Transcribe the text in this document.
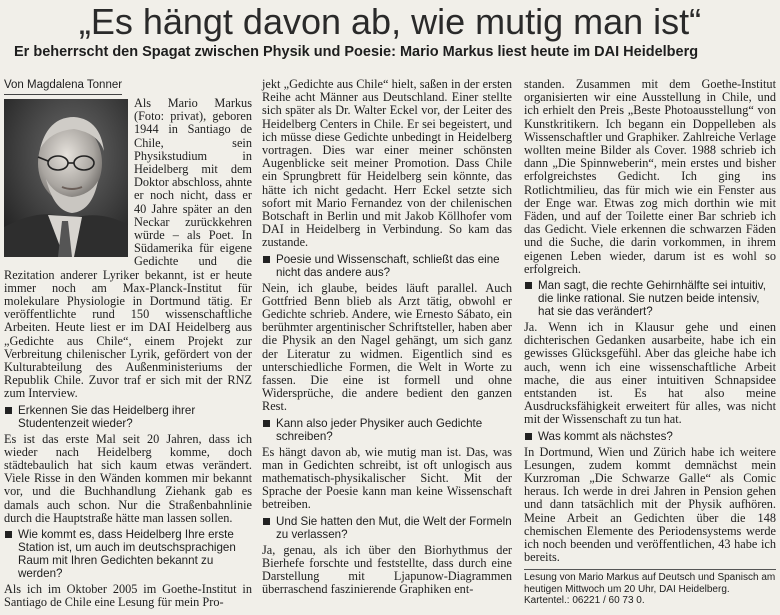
„Es hängt davon ab, wie mutig man ist“
Er beherrscht den Spagat zwischen Physik und Poesie: Mario Markus liest heute im DAI Heidelberg
Von Magdalena Tonner

Als Mario Markus (Foto: privat), geboren 1944 in Santiago de Chile, sein Physikstudium in Heidelberg mit dem Doktor abschloss, ahnte er noch nicht, dass er 40 Jahre später an den Neckar zurückkehren würde – als Poet. In Südamerika für eigene Gedichte und die Rezitation anderer Lyriker bekannt, ist er heute immer noch am Max-Planck-Institut für molekulare Physiologie in Dortmund tätig. Er veröffentlichte rund 150 wissenschaftliche Arbeiten. Heute liest er im DAI Heidelberg aus „Gedichte aus Chile“, einem Projekt zur Verbreitung chilenischer Lyrik, gefördert von der Kulturabteilung des Außenministeriums der Republik Chile. Zuvor traf er sich mit der RNZ zum Interview.

Erkennen Sie das Heidelberg ihrer Studentenzeit wieder?

Es ist das erste Mal seit 20 Jahren, dass ich wieder nach Heidelberg komme, doch städtebaulich hat sich kaum etwas verändert. Viele Risse in den Wänden kommen mir bekannt vor, und die Buchhandlung Ziehank gab es damals auch schon. Nur die Straßenbahnlinie durch die Hauptstraße hätte man lassen sollen.

Wie kommt es, dass Heidelberg Ihre erste Station ist, um auch im deutschsprachigen Raum mit Ihren Gedichten bekannt zu werden?

Als ich im Oktober 2005 im Goethe-Institut in Santiago de Chile eine Lesung für mein Pro-

jekt „Gedichte aus Chile“ hielt, saßen in der ersten Reihe acht Männer aus Deutschland. Einer stellte sich später als Dr. Walter Eckel vor, der Leiter des Heidelberg Centers in Chile. Er sei begeistert, und ich müsse diese Gedichte unbedingt in Heidelberg vortragen. Dies war einer meiner schönsten Augenblicke seit meiner Promotion. Dass Chile ein Sprungbrett für Heidelberg sein könnte, das hätte ich nicht gedacht. Herr Eckel setzte sich sofort mit Mario Fernandez von der chilenischen Botschaft in Berlin und mit Jakob Köllhofer vom DAI in Heidelberg in Verbindung. So kam das zustande.

Poesie und Wissenschaft, schließt das eine nicht das andere aus?

Nein, ich glaube, beides läuft parallel. Auch Gottfried Benn blieb als Arzt tätig, obwohl er Gedichte schrieb. Andere, wie Ernesto Sábato, ein berühmter argentinischer Schriftsteller, haben aber die Physik an den Nagel gehängt, um sich ganz der Literatur zu widmen. Eigentlich sind es unterschiedliche Formen, die Welt in Worte zu fassen. Die eine ist formell und ohne Widersprüche, die andere bedient den ganzen Rest.

Kann also jeder Physiker auch Gedichte schreiben?

Es hängt davon ab, wie mutig man ist. Das, was man in Gedichten schreibt, ist oft unlogisch aus mathematisch-physikalischer Sicht. Mit der Sprache der Poesie kann man keine Wissenschaft betreiben.

Und Sie hatten den Mut, die Welt der Formeln zu verlassen?

Ja, genau, als ich über den Biorhythmus der Bierhefe forschte und feststellte, dass durch eine Darstellung mit Ljapunow-Diagrammen überraschend faszinierende Graphiken ent-

standen. Zusammen mit dem Goethe-Institut organisierten wir eine Ausstellung in Chile, und ich erhielt den Preis „Beste Photoausstellung“ von Kunstkritikern. Ich begann ein Doppelleben als Wissenschaftler und Graphiker. Zahlreiche Verlage wollten meine Bilder als Cover. 1988 schrieb ich dann „Die Spinnweberin“, mein erstes und bisher erfolgreichstes Gedicht. Ich ging ins Rotlichtmilieu, das für mich wie ein Fenster aus der Enge war. Etwas zog mich dorthin wie mit Fäden, und auf der Toilette einer Bar schrieb ich das Gedicht. Viele erkennen die schwarzen Fäden und die Suche, die darin vorkommen, in ihrem eigenen Leben wieder, darum ist es wohl so erfolgreich.

Man sagt, die rechte Gehirnhälfte sei intuitiv, die linke rational. Sie nutzen beide intensiv, hat sie das verändert?

Ja. Wenn ich in Klausur gehe und einen dichterischen Gedanken ausarbeite, habe ich ein gewisses Glücksgefühl. Aber das gleiche habe ich auch, wenn ich eine wissenschaftliche Arbeit mache, die aus einer intuitiven Schnapsidee entstanden ist. Es hat also meine Ausdrucksfähigkeit erweitert für alles, was nicht mit der Wissenschaft zu tun hat.

Was kommt als nächstes?

In Dortmund, Wien und Zürich habe ich weitere Lesungen, zudem kommt demnächst mein Kurzroman „Die Schwarze Galle“ als Comic heraus. Ich werde in drei Jahren in Pension gehen und dann tatsächlich mit der Physik aufhören. Meine Arbeit an Gedichten über die 148 chemischen Elemente des Periodensystems werde ich noch beenden und veröffentlichen, 43 habe ich bereits.

Lesung von Mario Markus auf Deutsch und Spanisch am heutigen Mittwoch um 20 Uhr, DAI Heidelberg. Kartentel.: 06221 / 60 73 0.
